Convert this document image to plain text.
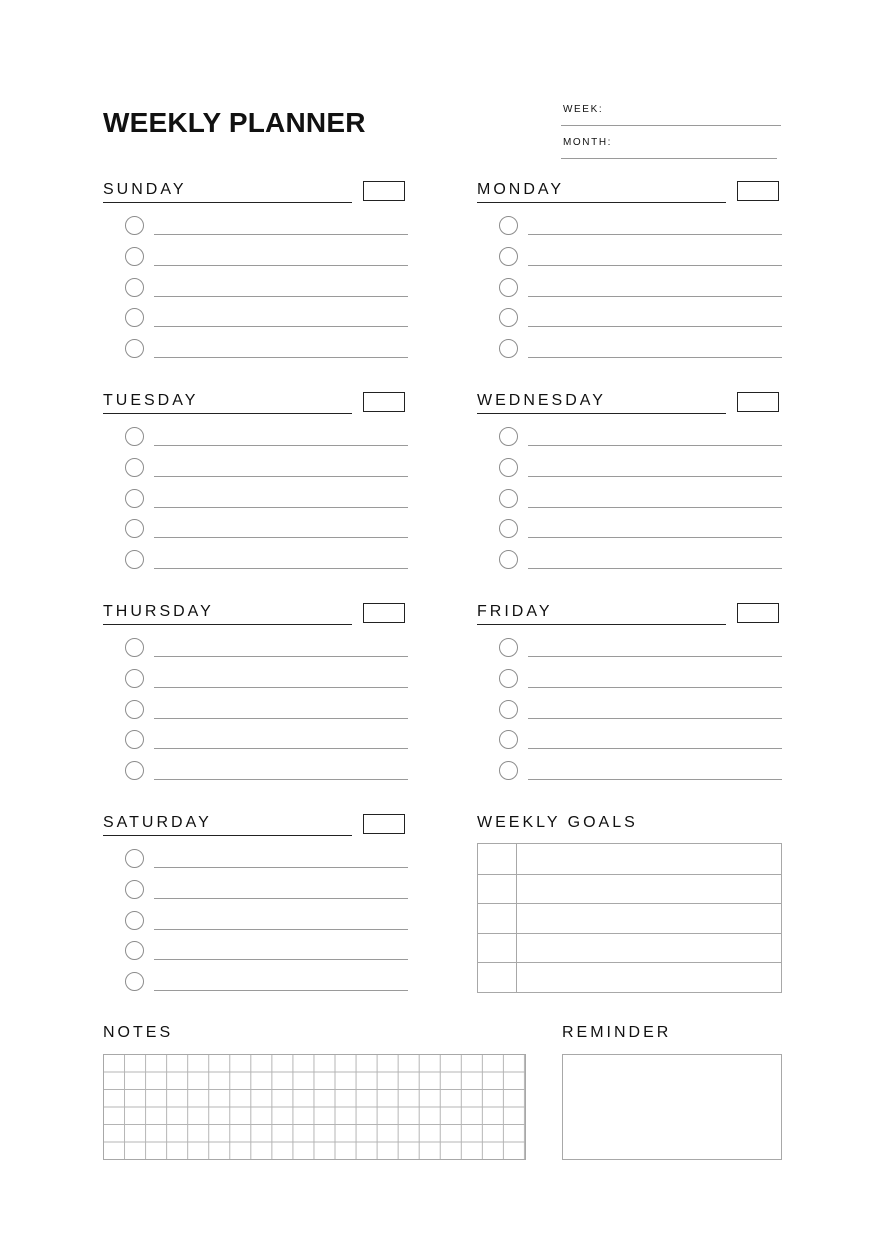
WEEKLY PLANNER	WEEK:
MONTH:
SUNDAY	MONDAY
TUESDAY	WEDNESDAY
THURSDAY	FRIDAY
SATURDAY	WEEKLY GOALS
NOTES	REMINDER
